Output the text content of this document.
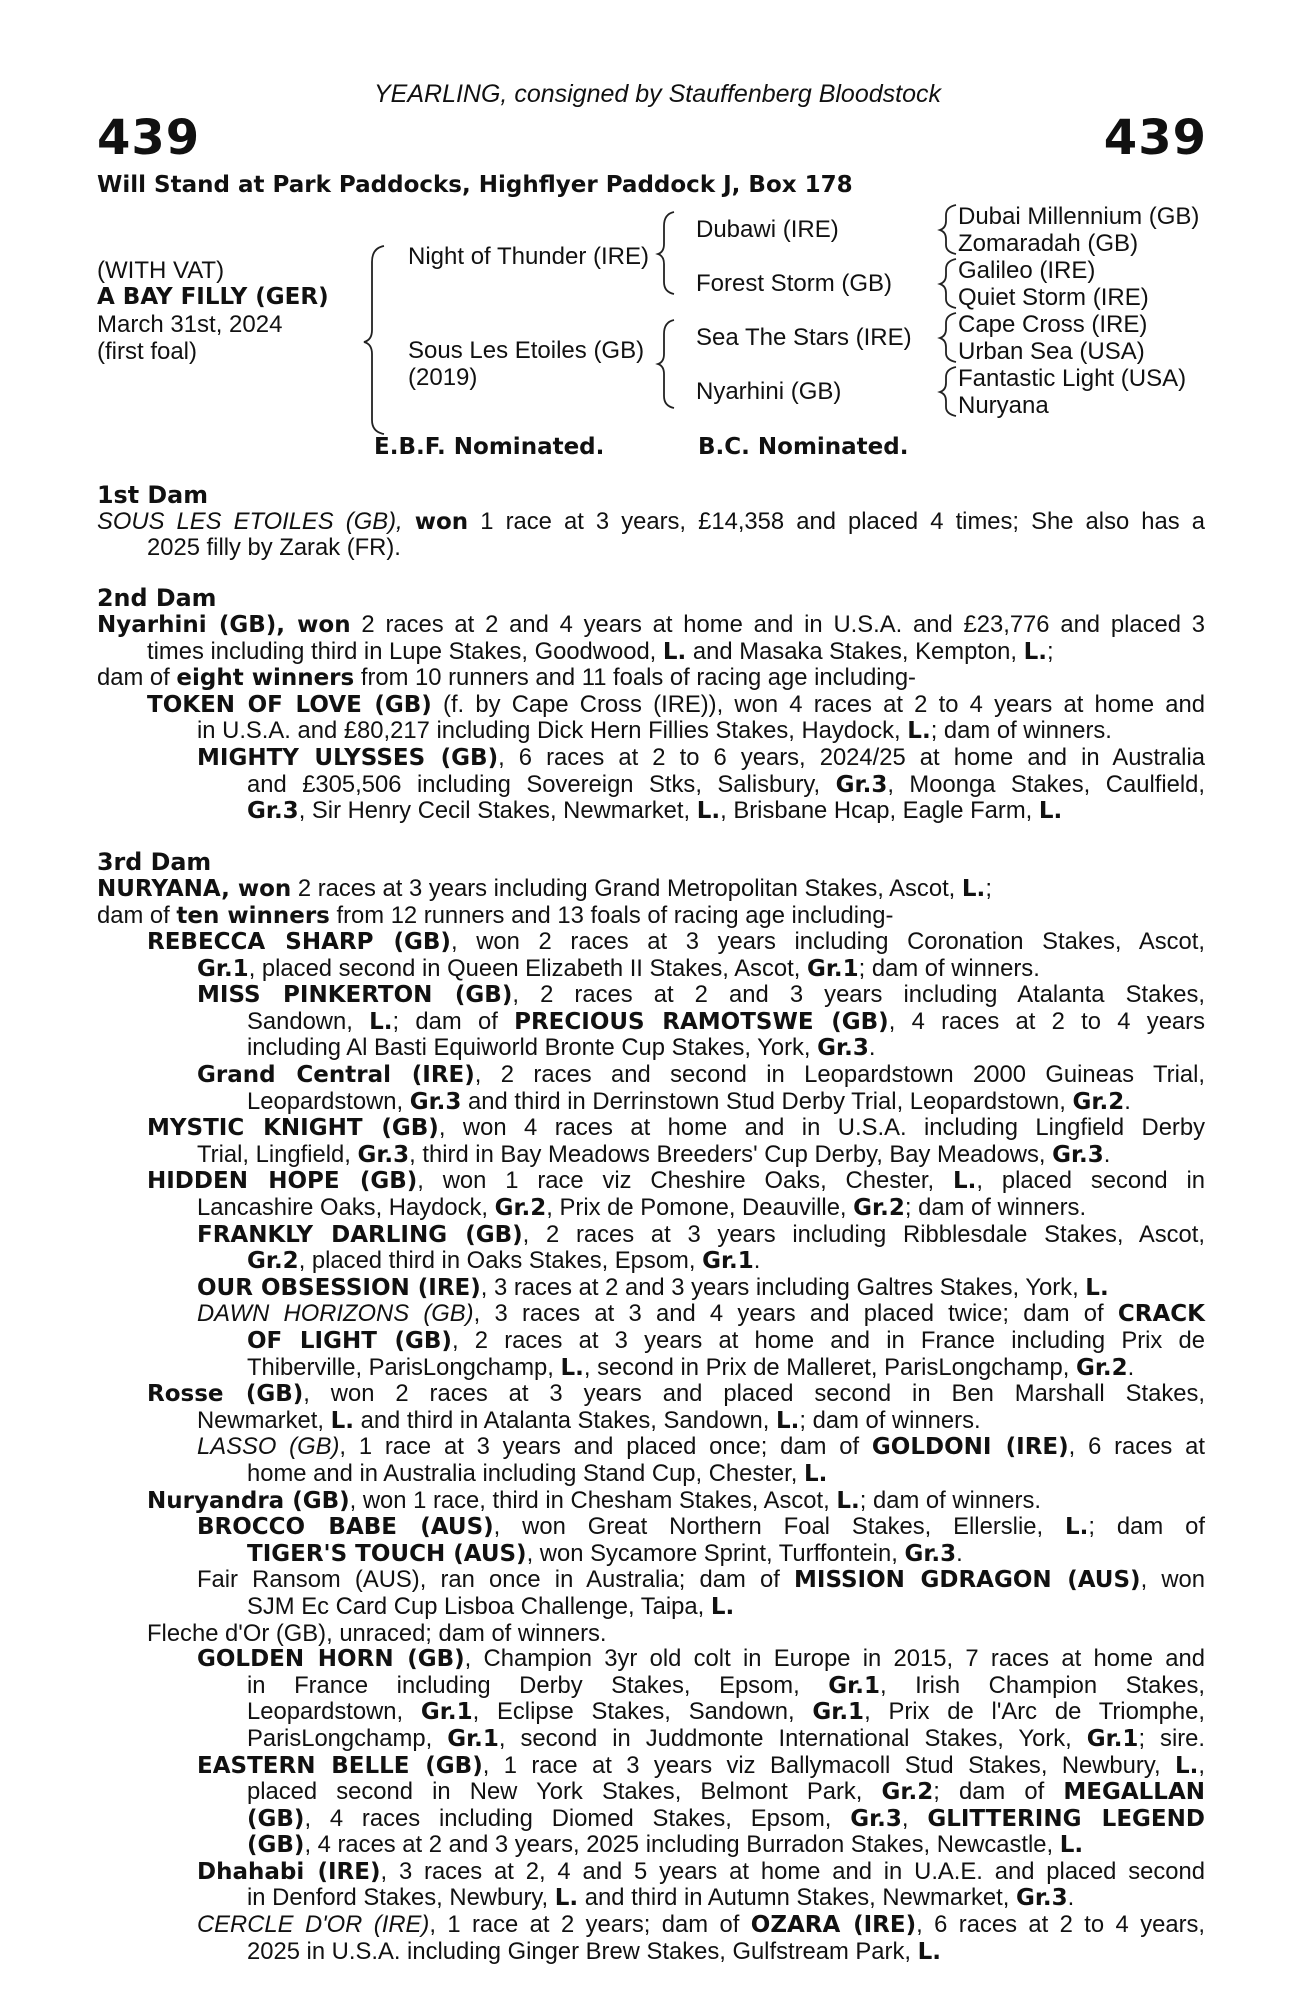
YEARLING, consigned by Stauffenberg Bloodstock
439	439
Will Stand at Park Paddocks, Highflyer Paddock J, Box 178
(WITH VAT)
A BAY FILLY (GER)
March 31st, 2024
(first foal)
Night of Thunder (IRE)
Sous Les Etoiles (GB)
(2019)
Dubawi (IRE)
Forest Storm (GB)
Sea The Stars (IRE)
Nyarhini (GB)
Dubai Millennium (GB)
Zomaradah (GB)
Galileo (IRE)
Quiet Storm (IRE)
Cape Cross (IRE)
Urban Sea (USA)
Fantastic Light (USA)
Nuryana
E.B.F. Nominated.	B.C. Nominated.
1st Dam
SOUS LES ETOILES (GB), won 1 race at 3 years, £14,358 and placed 4 times; She also has a
2025 filly by Zarak (FR).
2nd Dam
Nyarhini (GB), won 2 races at 2 and 4 years at home and in U.S.A. and £23,776 and placed 3
times including third in Lupe Stakes, Goodwood, L. and Masaka Stakes, Kempton, L.;
dam of eight winners from 10 runners and 11 foals of racing age including-
TOKEN OF LOVE (GB) (f. by Cape Cross (IRE)), won 4 races at 2 to 4 years at home and
in U.S.A. and £80,217 including Dick Hern Fillies Stakes, Haydock, L.; dam of winners.
MIGHTY ULYSSES (GB), 6 races at 2 to 6 years, 2024/25 at home and in Australia
and £305,506 including Sovereign Stks, Salisbury, Gr.3, Moonga Stakes, Caulfield,
Gr.3, Sir Henry Cecil Stakes, Newmarket, L., Brisbane Hcap, Eagle Farm, L.
3rd Dam
NURYANA, won 2 races at 3 years including Grand Metropolitan Stakes, Ascot, L.;
dam of ten winners from 12 runners and 13 foals of racing age including-
REBECCA SHARP (GB), won 2 races at 3 years including Coronation Stakes, Ascot,
Gr.1, placed second in Queen Elizabeth II Stakes, Ascot, Gr.1; dam of winners.
MISS PINKERTON (GB), 2 races at 2 and 3 years including Atalanta Stakes,
Sandown, L.; dam of PRECIOUS RAMOTSWE (GB), 4 races at 2 to 4 years
including Al Basti Equiworld Bronte Cup Stakes, York, Gr.3.
Grand Central (IRE), 2 races and second in Leopardstown 2000 Guineas Trial,
Leopardstown, Gr.3 and third in Derrinstown Stud Derby Trial, Leopardstown, Gr.2.
MYSTIC KNIGHT (GB), won 4 races at home and in U.S.A. including Lingfield Derby
Trial, Lingfield, Gr.3, third in Bay Meadows Breeders' Cup Derby, Bay Meadows, Gr.3.
HIDDEN HOPE (GB), won 1 race viz Cheshire Oaks, Chester, L., placed second in
Lancashire Oaks, Haydock, Gr.2, Prix de Pomone, Deauville, Gr.2; dam of winners.
FRANKLY DARLING (GB), 2 races at 3 years including Ribblesdale Stakes, Ascot,
Gr.2, placed third in Oaks Stakes, Epsom, Gr.1.
OUR OBSESSION (IRE), 3 races at 2 and 3 years including Galtres Stakes, York, L.
DAWN HORIZONS (GB), 3 races at 3 and 4 years and placed twice; dam of CRACK
OF LIGHT (GB), 2 races at 3 years at home and in France including Prix de
Thiberville, ParisLongchamp, L., second in Prix de Malleret, ParisLongchamp, Gr.2.
Rosse (GB), won 2 races at 3 years and placed second in Ben Marshall Stakes,
Newmarket, L. and third in Atalanta Stakes, Sandown, L.; dam of winners.
LASSO (GB), 1 race at 3 years and placed once; dam of GOLDONI (IRE), 6 races at
home and in Australia including Stand Cup, Chester, L.
Nuryandra (GB), won 1 race, third in Chesham Stakes, Ascot, L.; dam of winners.
BROCCO BABE (AUS), won Great Northern Foal Stakes, Ellerslie, L.; dam of
TIGER'S TOUCH (AUS), won Sycamore Sprint, Turffontein, Gr.3.
Fair Ransom (AUS), ran once in Australia; dam of MISSION GDRAGON (AUS), won
SJM Ec Card Cup Lisboa Challenge, Taipa, L.
Fleche d'Or (GB), unraced; dam of winners.
GOLDEN HORN (GB), Champion 3yr old colt in Europe in 2015, 7 races at home and
in France including Derby Stakes, Epsom, Gr.1, Irish Champion Stakes,
Leopardstown, Gr.1, Eclipse Stakes, Sandown, Gr.1, Prix de l'Arc de Triomphe,
ParisLongchamp, Gr.1, second in Juddmonte International Stakes, York, Gr.1; sire.
EASTERN BELLE (GB), 1 race at 3 years viz Ballymacoll Stud Stakes, Newbury, L.,
placed second in New York Stakes, Belmont Park, Gr.2; dam of MEGALLAN
(GB), 4 races including Diomed Stakes, Epsom, Gr.3, GLITTERING LEGEND
(GB), 4 races at 2 and 3 years, 2025 including Burradon Stakes, Newcastle, L.
Dhahabi (IRE), 3 races at 2, 4 and 5 years at home and in U.A.E. and placed second
in Denford Stakes, Newbury, L. and third in Autumn Stakes, Newmarket, Gr.3.
CERCLE D'OR (IRE), 1 race at 2 years; dam of OZARA (IRE), 6 races at 2 to 4 years,
2025 in U.S.A. including Ginger Brew Stakes, Gulfstream Park, L.
